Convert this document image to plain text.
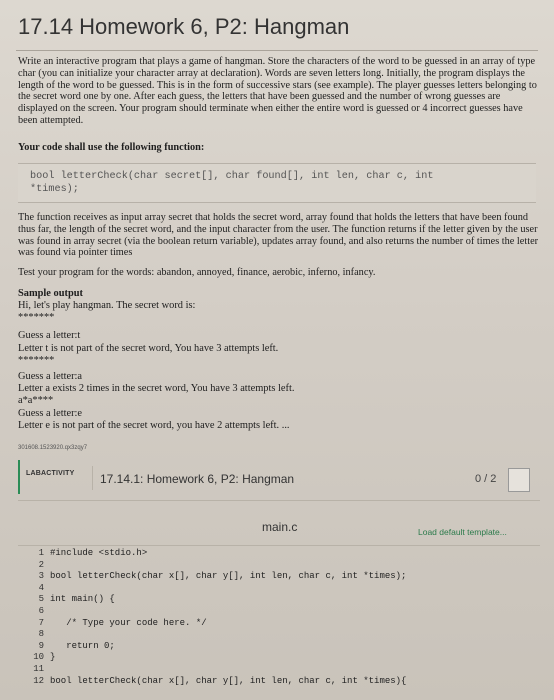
17.14 Homework 6, P2: Hangman
Write an interactive program that plays a game of hangman. Store the characters of the word to be guessed in an array of type char (you can initialize your character array at declaration). Words are seven letters long. Initially, the program displays the length of the word to be guessed. This is in the form of successive stars (see example). The player guesses letters belonging to the secret word one by one. After each guess, the letters that have been guessed and the number of wrong guesses are displayed on the screen. Your program should terminate when either the entire word is guessed or 4 incorrect guesses have been attempted.
Your code shall use the following function:
bool letterCheck(char secret[], char found[], int len, char c, int
*times);
The function receives as input array secret that holds the secret word, array found that holds the letters that have been found thus far, the length of the secret word, and the input character from the user. The function returns if the letter given by the user was found in array secret (via the boolean return variable), updates array found, and also returns the number of times the letter was found via pointer times
Test your program for the words: abandon, annoyed, finance, aerobic, inferno, infancy.
Sample output
Hi, let's play hangman. The secret word is:
*******
Guess a letter:t
Letter t is not part of the secret word, You have 3 attempts left.
*******
Guess a letter:a
Letter a exists 2 times in the secret word, You have 3 attempts left.
a*a****
Guess a letter:e
Letter e is not part of the secret word, you have 2 attempts left. ...
301608.1523920.qx3zqy7
LABACTIVITY 17.14.1: Homework 6, P2: Hangman	0 / 2
main.c	Load default template...
1 #include <stdio.h>
2
3 bool letterCheck(char x[], char y[], int len, char c, int *times);
4
5 int main() {
6
7   /* Type your code here. */
8
9   return 0;
10 }
11
12 bool letterCheck(char x[], char y[], int len, char c, int *times){
